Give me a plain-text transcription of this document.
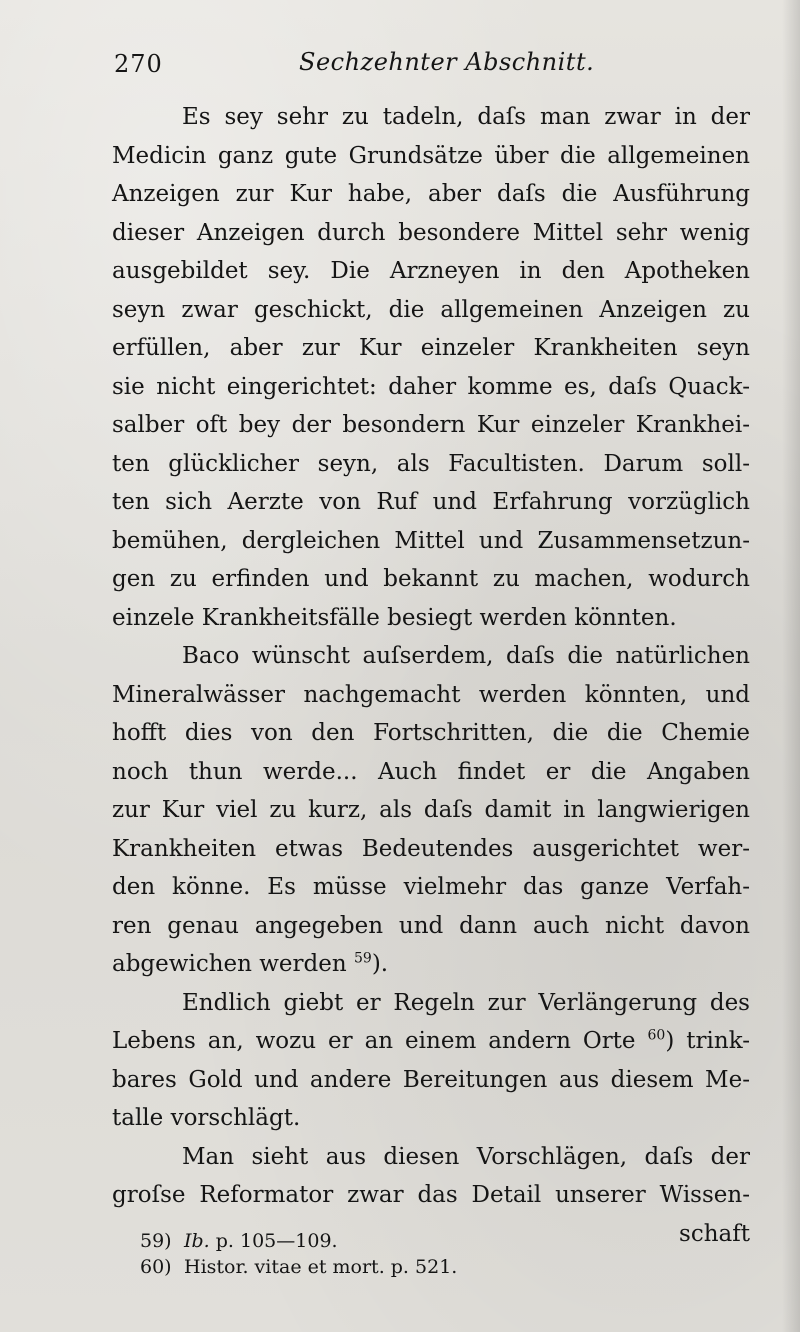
270	Sechzehnter Abschnitt.
Es sey sehr zu tadeln, daſs man zwar in der
Medicin ganz gute Grundsätze über die allgemeinen
Anzeigen zur Kur habe, aber daſs die Ausführung
dieser Anzeigen durch besondere Mittel sehr wenig
ausgebildet sey. Die Arzneyen in den Apotheken
seyn zwar geschickt, die allgemeinen Anzeigen zu
erfüllen, aber zur Kur einzeler Krankheiten seyn
sie nicht eingerichtet: daher komme es, daſs Quack-
salber oft bey der besondern Kur einzeler Krankhei-
ten glücklicher seyn, als Facultisten. Darum soll-
ten sich Aerzte von Ruf und Erfahrung vorzüglich
bemühen, dergleichen Mittel und Zusammensetzun-
gen zu erfinden und bekannt zu machen, wodurch
einzele Krankheitsfälle besiegt werden könnten.
Baco wünscht auſserdem, daſs die natürlichen
Mineralwässer nachgemacht werden könnten, und
hofft dies von den Fortschritten, die die Chemie
noch thun werde... Auch findet er die Angaben
zur Kur viel zu kurz, als daſs damit in langwierigen
Krankheiten etwas Bedeutendes ausgerichtet wer-
den könne. Es müsse vielmehr das ganze Verfah-
ren genau angegeben und dann auch nicht davon
abgewichen werden $^{59}$).
Endlich giebt er Regeln zur Verlängerung des
Lebens an, wozu er an einem andern Orte $^{60}$) trink-
bares Gold und andere Bereitungen aus diesem Me-
talle vorschlägt.
Man sieht aus diesen Vorschlägen, daſs der
groſse Reformator zwar das Detail unserer Wissen-
schaft
59) Ib. p. 105—109.
60) Histor. vitae et mort. p. 521.
